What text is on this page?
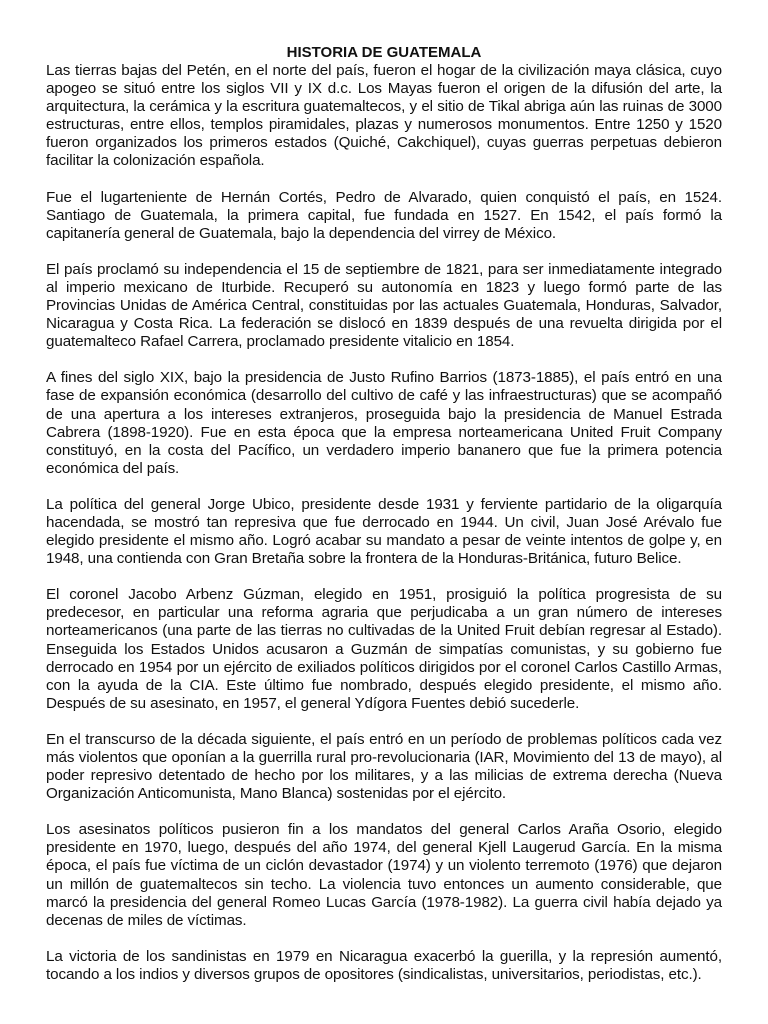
HISTORIA DE GUATEMALA

Las tierras bajas del Petén, en el norte del país, fueron el hogar de la civilización maya clásica, cuyo apogeo se situó entre los siglos VII y IX d.c. Los Mayas fueron el origen de la difusión del arte, la arquitectura, la cerámica y la escritura guatemaltecos, y el sitio de Tikal abriga aún las ruinas de 3000 estructuras, entre ellos, templos piramidales, plazas y numerosos monumentos. Entre 1250 y 1520 fueron organizados los primeros estados (Quiché, Cakchiquel), cuyas guerras perpetuas debieron facilitar la colonización española.

Fue el lugarteniente de Hernán Cortés, Pedro de Alvarado, quien conquistó el país, en 1524. Santiago de Guatemala, la primera capital, fue fundada en 1527. En 1542, el país formó la capitanería general de Guatemala, bajo la dependencia del virrey de México.

El país proclamó su independencia el 15 de septiembre de 1821, para ser inmediatamente integrado al imperio mexicano de Iturbide. Recuperó su autonomía en 1823 y luego formó parte de las Provincias Unidas de América Central, constituidas por las actuales Guatemala, Honduras, Salvador, Nicaragua y Costa Rica. La federación se dislocó en 1839 después de una revuelta dirigida por el guatemalteco Rafael Carrera, proclamado presidente vitalicio en 1854.

A fines del siglo XIX, bajo la presidencia de Justo Rufino Barrios (1873-1885), el país entró en una fase de expansión económica (desarrollo del cultivo de café y las infraestructuras) que se acompañó de una apertura a los intereses extranjeros, proseguida bajo la presidencia de Manuel Estrada Cabrera (1898-1920). Fue en esta época que la empresa norteamericana United Fruit Company constituyó, en la costa del Pacífico, un verdadero imperio bananero que fue la primera potencia económica del país.

La política del general Jorge Ubico, presidente desde 1931 y ferviente partidario de la oligarquía hacendada, se mostró tan represiva que fue derrocado en 1944. Un civil, Juan José Arévalo fue elegido presidente el mismo año. Logró acabar su mandato a pesar de veinte intentos de golpe y, en 1948, una contienda con Gran Bretaña sobre la frontera de la Honduras-Británica, futuro Belice.

El coronel Jacobo Arbenz Gúzman, elegido en 1951, prosiguió la política progresista de su predecesor, en particular una reforma agraria que perjudicaba a un gran número de intereses norteamericanos (una parte de las tierras no cultivadas de la United Fruit debían regresar al Estado). Enseguida los Estados Unidos acusaron a Guzmán de simpatías comunistas, y su gobierno fue derrocado en 1954 por un ejército de exiliados políticos dirigidos por el coronel Carlos Castillo Armas, con la ayuda de la CIA. Este último fue nombrado, después elegido presidente, el mismo año. Después de su asesinato, en 1957, el general Ydígora Fuentes debió sucederle.

En el transcurso de la década siguiente, el país entró en un período de problemas políticos cada vez más violentos que oponían a la guerrilla rural pro-revolucionaria (IAR, Movimiento del 13 de mayo), al poder represivo detentado de hecho por los militares, y a las milicias de extrema derecha (Nueva Organización Anticomunista, Mano Blanca) sostenidas por el ejército.

Los asesinatos políticos pusieron fin a los mandatos del general Carlos Araña Osorio, elegido presidente en 1970, luego, después del año 1974, del general Kjell Laugerud García. En la misma época, el país fue víctima de un ciclón devastador (1974) y un violento terremoto (1976) que dejaron un millón de guatemaltecos sin techo. La violencia tuvo entonces un aumento considerable, que marcó la presidencia del general Romeo Lucas García (1978-1982). La guerra civil había dejado ya decenas de miles de víctimas.

La victoria de los sandinistas en 1979 en Nicaragua exacerbó la guerilla, y la represión aumentó, tocando a los indios y diversos grupos de opositores (sindicalistas, universitarios, periodistas, etc.).
